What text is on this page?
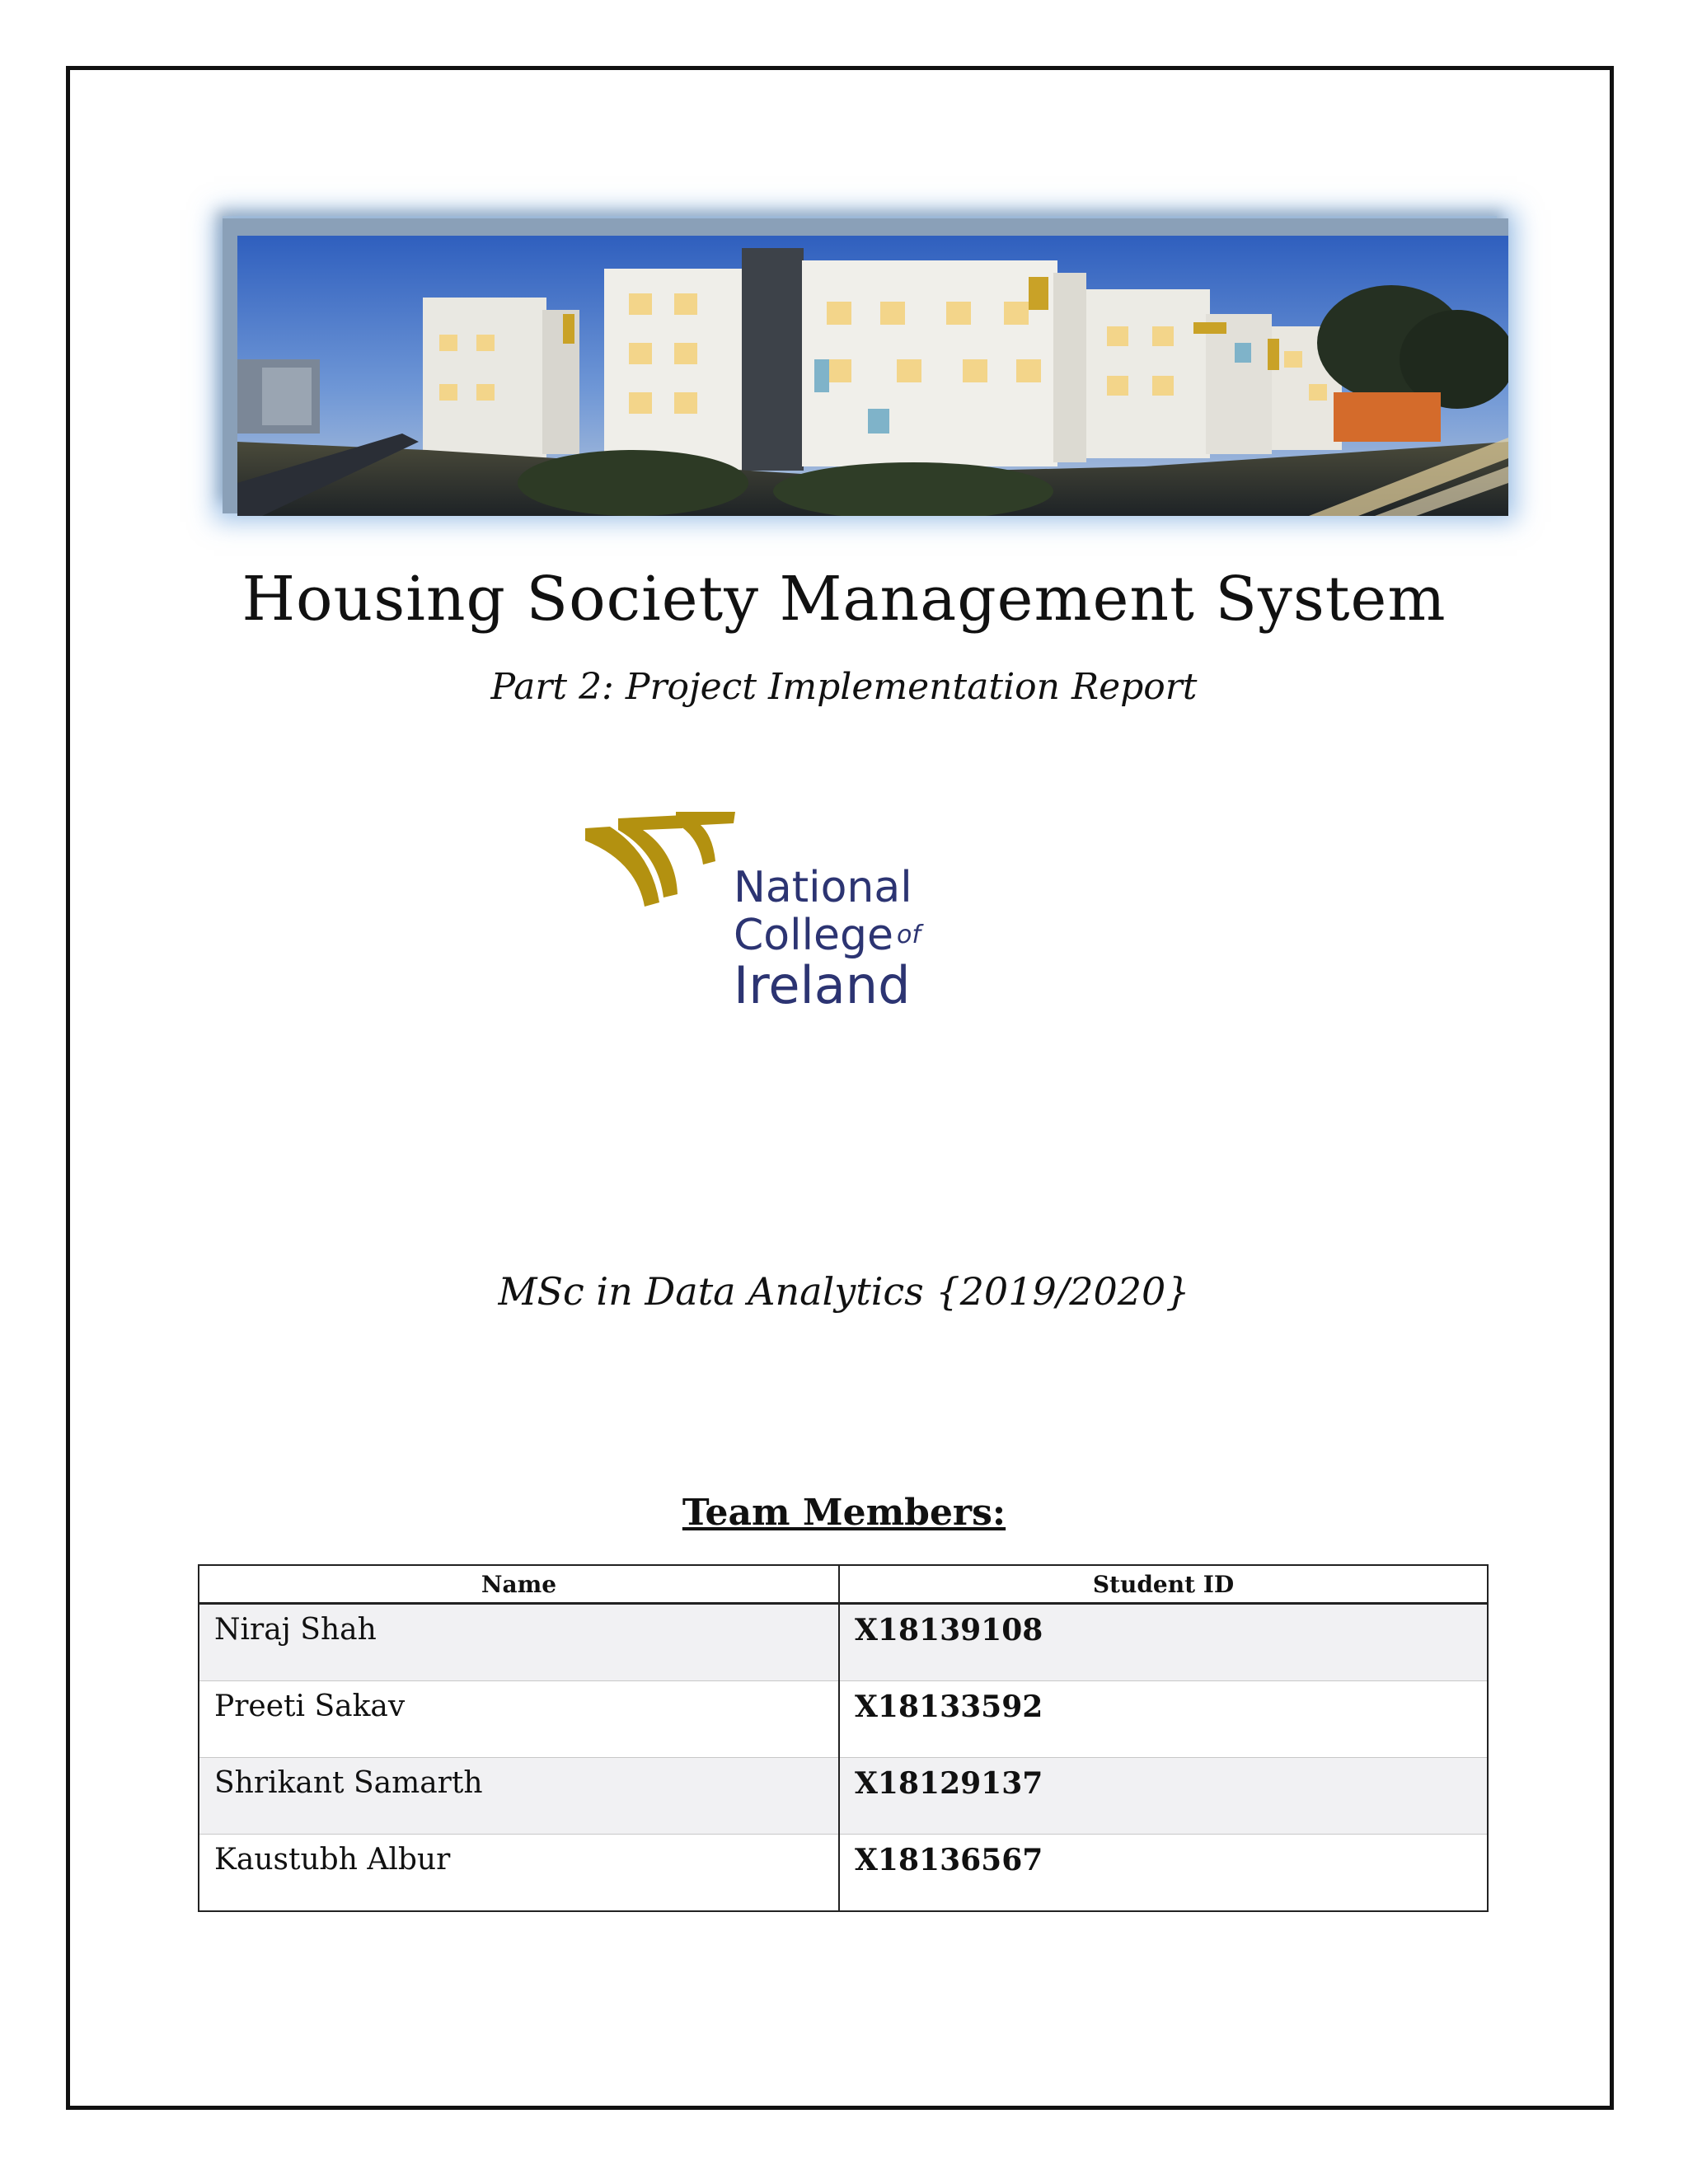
Housing Society Management System

Part 2: Project Implementation Report

National
College of
Ireland

MSc in Data Analytics {2019/2020}

Team Members:
Name	Student ID
Niraj Shah	X18139108
Preeti Sakav	X18133592
Shrikant Samarth	X18129137
Kaustubh Albur	X18136567
